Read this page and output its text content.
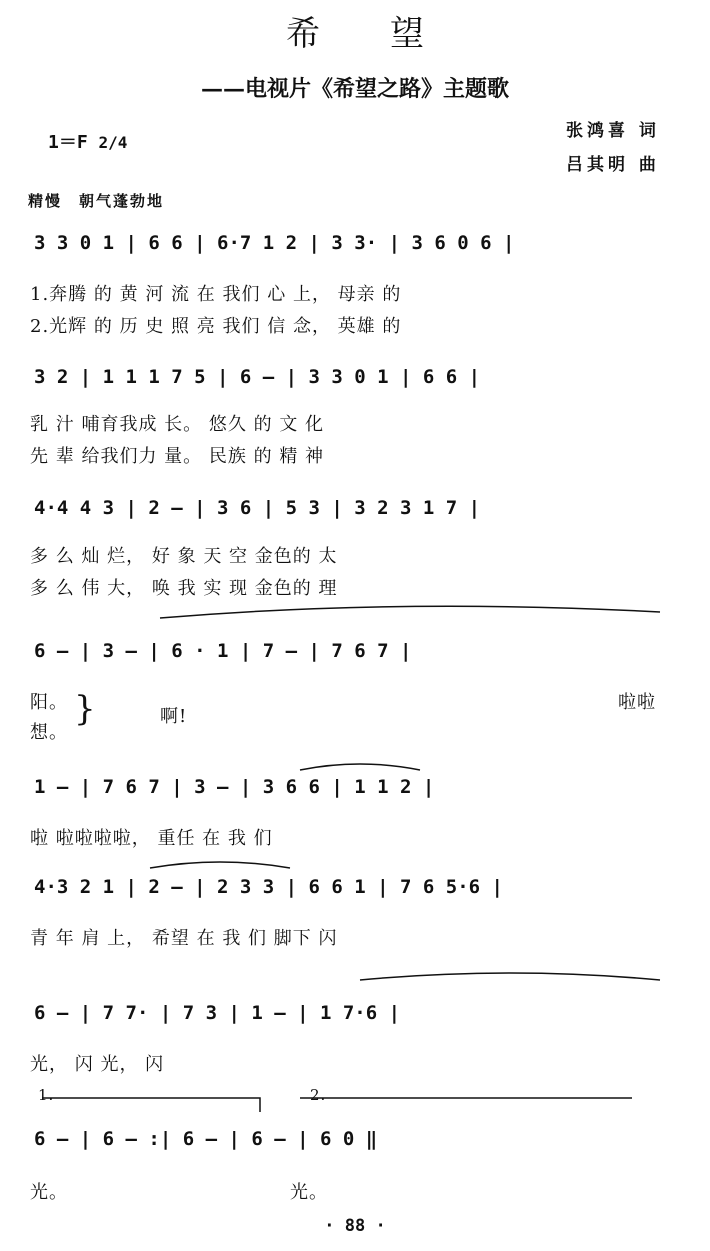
希望
——电视片《希望之路》主题歌
张鸿喜 词
吕其明 曲
1＝F 2/4
精慢　朝气蓬勃地
3 3 0 1 | 6 6 | 6·7 1 2 | 3 3· | 3 6 0 6 |
1.奔腾 的 黄 河 流 在 我们 心 上， 母亲 的
2.光辉 的 历 史 照 亮 我们 信 念， 英雄 的
3 2 | 1 1 1 7 5 | 6 — | 3 3 0 1 | 6 6 |
乳 汁 哺育我成 长。 悠久 的 文 化
先 辈 给我们力 量。 民族 的 精 神
4·4 4 3 | 2 — | 3 6 | 5 3 | 3 2 3 1 7 |
多 么 灿 烂， 好 象 天 空 金色的 太
多 么 伟 大， 唤 我 实 现 金色的 理
6 — | 3 — | 6 · 1 | 7 — | 7 6 7 |
阳。
想。
}	啊!
啦啦
1 — | 7 6 7 | 3 — | 3 6 6 | 1 1 2 |
啦 啦啦啦啦， 重任 在 我 们
4·3 2 1 | 2 — | 2 3 3 | 6 6 1 | 7 6 5·6 |
青 年 肩 上， 希望 在 我 们 脚下 闪
6 — | 7 7· | 7 3 | 1 — | 1 7·6 |
光， 闪 光， 闪
1.	2.
6 — | 6 — :| 6 — | 6 — | 6 0 ‖
光。	光。
· 88 ·
